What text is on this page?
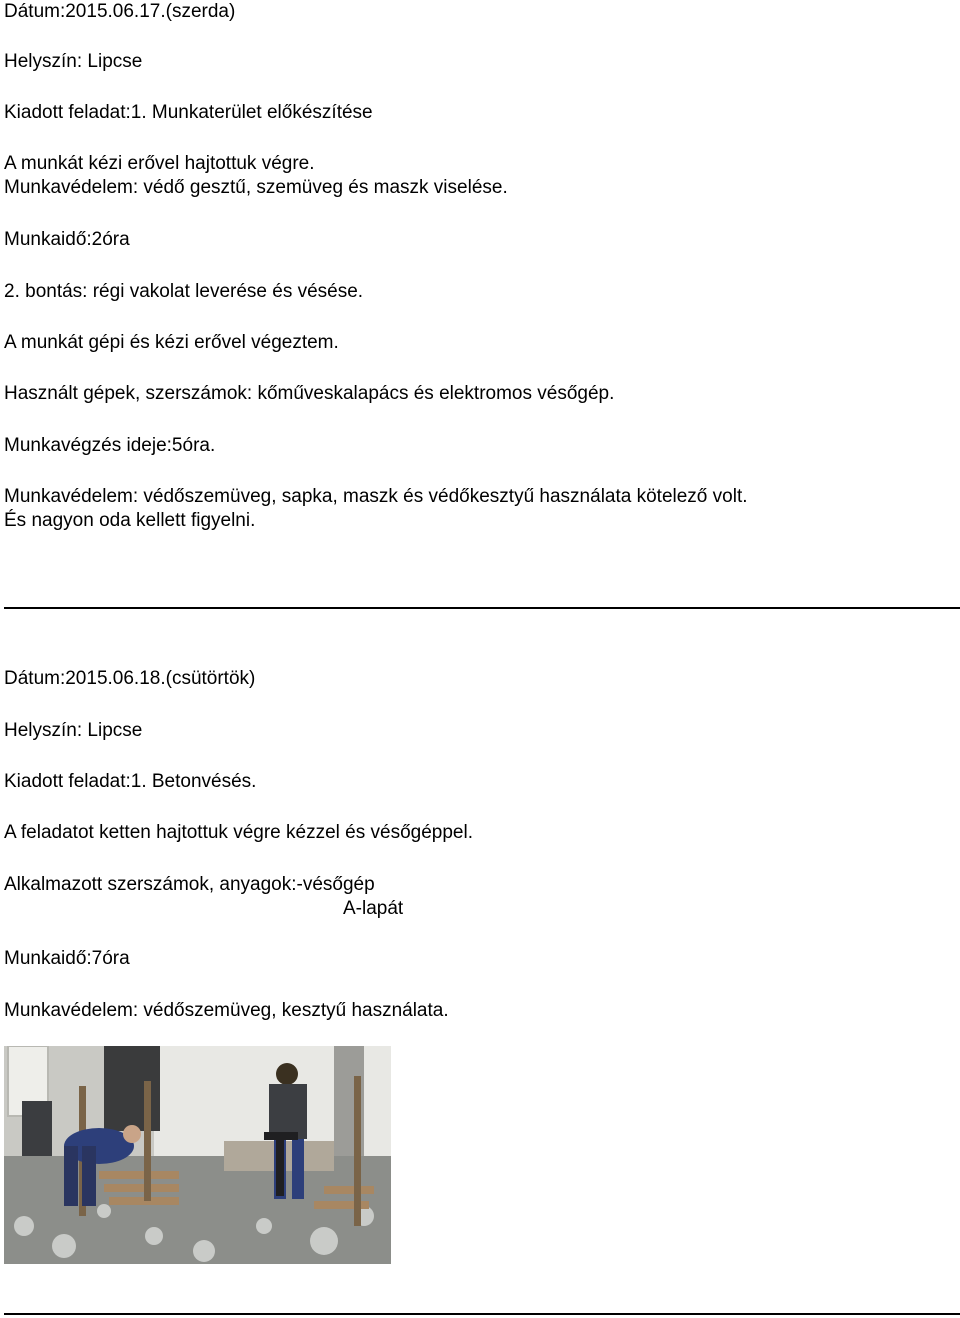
Dátum:2015.06.17.(szerda)
Helyszín: Lipcse
Kiadott feladat:1. Munkaterület előkészítése
A munkát kézi erővel hajtottuk végre.
Munkavédelem: védő gesztű, szemüveg és maszk viselése.
Munkaidő:2óra
2. bontás: régi vakolat leverése és vésése.
A munkát gépi és kézi erővel végeztem.
Használt gépek, szerszámok: kőműveskalapács és elektromos vésőgép.
Munkavégzés ideje:5óra.
Munkavédelem: védőszemüveg, sapka, maszk és védőkesztyű használata kötelező volt.
És nagyon oda kellett figyelni.
Dátum:2015.06.18.(csütörtök)
Helyszín: Lipcse
Kiadott feladat:1. Betonvésés.
A feladatot ketten hajtottuk végre kézzel és vésőgéppel.
Alkalmazott szerszámok, anyagok:-vésőgép
A-lapát
Munkaidő:7óra
Munkavédelem: védőszemüveg, kesztyű használata.
